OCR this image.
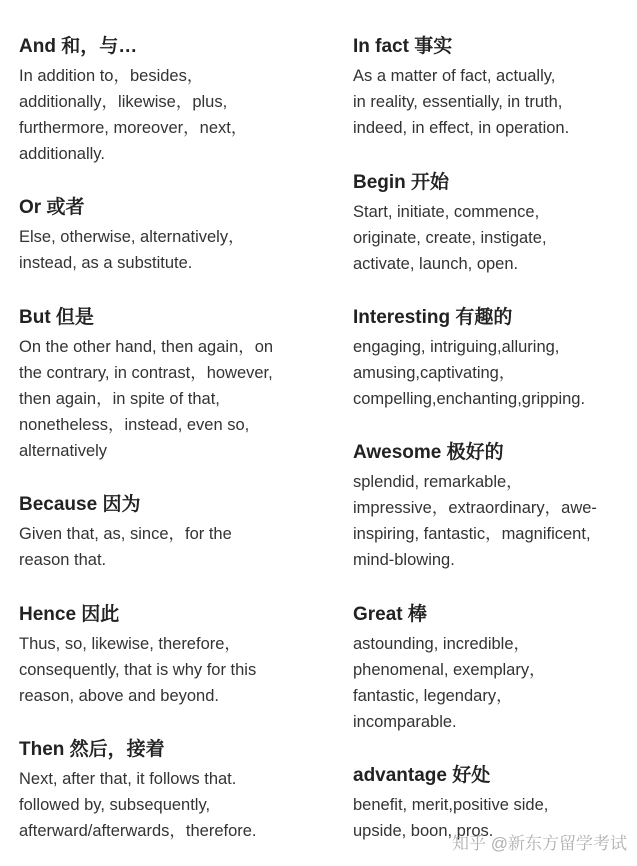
And 和，与…
In addition to，besides，
additionally，likewise，plus,
furthermore, moreover，next，
additionally.
Or 或者
Else, otherwise, alternatively，
instead, as a substitute.
But 但是
On the other hand, then again，on
the contrary, in contrast，however,
then again，in spite of that,
nonetheless，instead, even so,
alternatively
Because 因为
Given that, as, since，for the
reason that.
Hence 因此
Thus, so, likewise, therefore，
consequently, that is why for this
reason, above and beyond.
Then 然后，接着
Next, after that, it follows that.
followed by, subsequently,
afterward/afterwards，therefore.
In fact 事实
As a matter of fact, actually,
in reality, essentially, in truth,
indeed, in effect, in operation.
Begin 开始
Start, initiate, commence,
originate, create, instigate,
activate, launch, open.
Interesting 有趣的
engaging, intriguing,alluring,
amusing,captivating，
compelling,enchanting,gripping.
Awesome 极好的
splendid, remarkable，
impressive，extraordinary，awe-
inspiring, fantastic，magnificent,
mind-blowing.
Great 棒
astounding, incredible，
phenomenal, exemplary，
fantastic, legendary，
incomparable.
advantage 好处
benefit, merit,positive side,
upside, boon, pros.
知乎 @新东方留学考试
